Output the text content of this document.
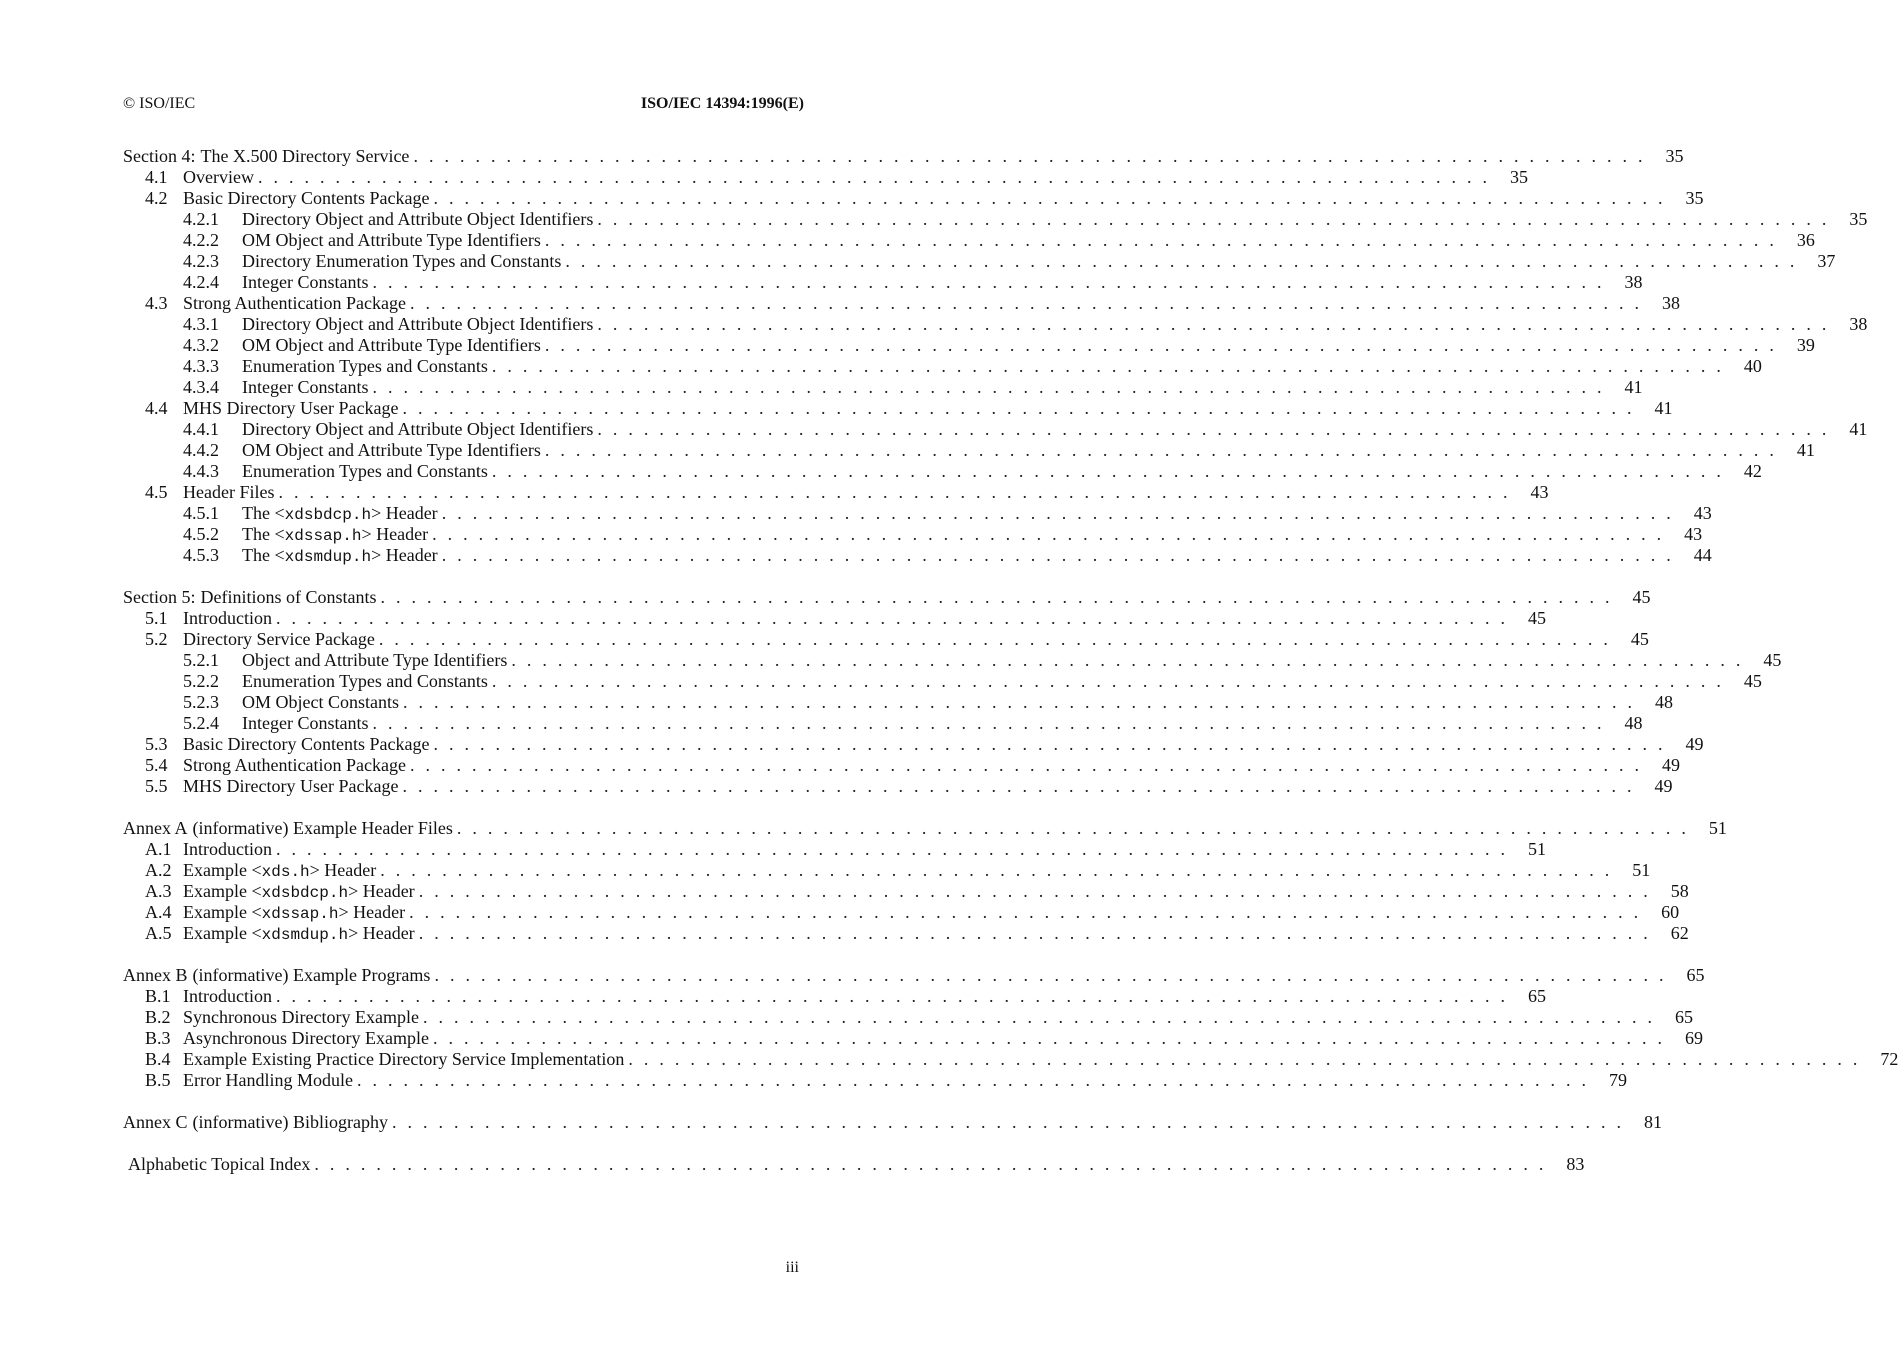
© ISO/IEC	ISO/IEC 14394:1996(E)
Section 4: The X.500 Directory Service ................................................................................ 35
4.1 Overview ................................................................................ 35
4.2 Basic Directory Contents Package ................................................................................ 35
4.2.1	Directory Object and Attribute Object Identifiers ................................................................................ 35
4.2.2	OM Object and Attribute Type Identifiers ................................................................................ 36
4.2.3	Directory Enumeration Types and Constants ................................................................................ 37
4.2.4	Integer Constants ................................................................................ 38
4.3 Strong Authentication Package ................................................................................ 38
4.3.1	Directory Object and Attribute Object Identifiers ................................................................................ 38
4.3.2	OM Object and Attribute Type Identifiers ................................................................................ 39
4.3.3	Enumeration Types and Constants ................................................................................ 40
4.3.4	Integer Constants ................................................................................ 41
4.4 MHS Directory User Package ................................................................................ 41
4.4.1	Directory Object and Attribute Object Identifiers ................................................................................ 41
4.4.2	OM Object and Attribute Type Identifiers ................................................................................ 41
4.4.3	Enumeration Types and Constants ................................................................................ 42
4.5 Header Files ................................................................................ 43
4.5.1	The <xdsbdcp.h> Header ................................................................................ 43
4.5.2	The <xdssap.h> Header ................................................................................ 43
4.5.3	The <xdsmdup.h> Header ................................................................................ 44
Section 5: Definitions of Constants ................................................................................ 45
5.1 Introduction ................................................................................ 45
5.2 Directory Service Package ................................................................................ 45
5.2.1	Object and Attribute Type Identifiers ................................................................................ 45
5.2.2	Enumeration Types and Constants ................................................................................ 45
5.2.3	OM Object Constants ................................................................................ 48
5.2.4	Integer Constants ................................................................................ 48
5.3 Basic Directory Contents Package ................................................................................ 49
5.4 Strong Authentication Package ................................................................................ 49
5.5 MHS Directory User Package ................................................................................ 49
Annex A (informative) Example Header Files ................................................................................ 51
A.1 Introduction ................................................................................ 51
A.2 Example <xds.h> Header ................................................................................ 51
A.3 Example <xdsbdcp.h> Header ................................................................................ 58
A.4 Example <xdssap.h> Header ................................................................................ 60
A.5 Example <xdsmdup.h> Header ................................................................................ 62
Annex B (informative) Example Programs ................................................................................ 65
B.1 Introduction ................................................................................ 65
B.2 Synchronous Directory Example ................................................................................ 65
B.3 Asynchronous Directory Example ................................................................................ 69
B.4 Example Existing Practice Directory Service Implementation ................................................................................ 72
B.5 Error Handling Module ................................................................................ 79
Annex C (informative) Bibliography ................................................................................ 81
Alphabetic Topical Index ................................................................................ 83
iii
